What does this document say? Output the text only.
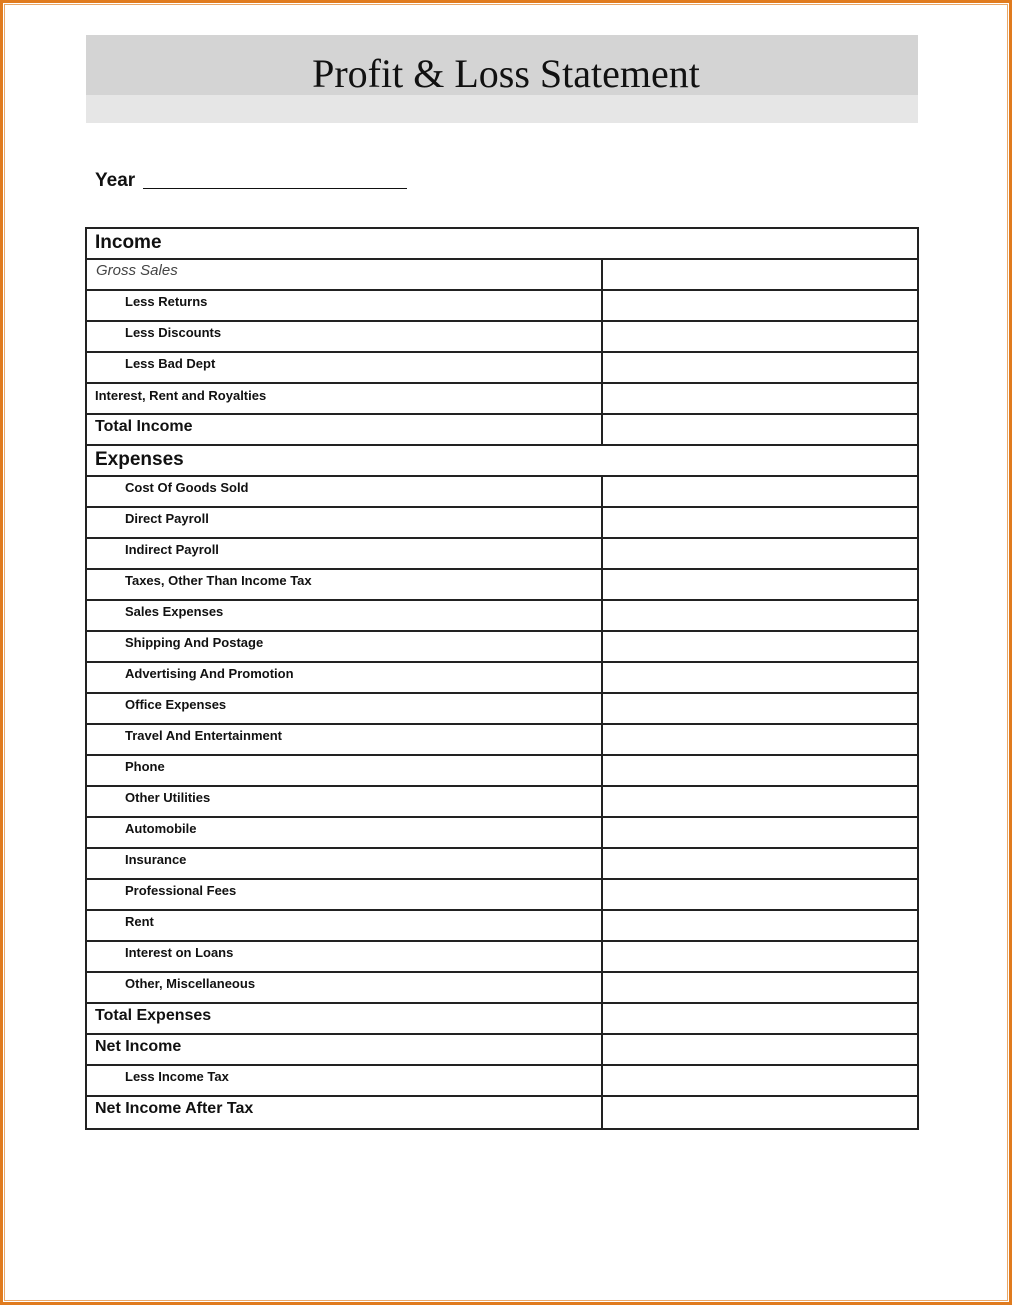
Profit & Loss Statement
Year
Income
Gross Sales
Less Returns
Less Discounts
Less Bad Dept
Interest, Rent and Royalties
Total Income
Expenses
Cost Of Goods Sold
Direct Payroll
Indirect Payroll
Taxes, Other Than Income Tax
Sales Expenses
Shipping And Postage
Advertising And Promotion
Office Expenses
Travel And Entertainment
Phone
Other Utilities
Automobile
Insurance
Professional Fees
Rent
Interest on Loans
Other, Miscellaneous
Total Expenses
Net Income
Less Income Tax
Net Income After Tax
